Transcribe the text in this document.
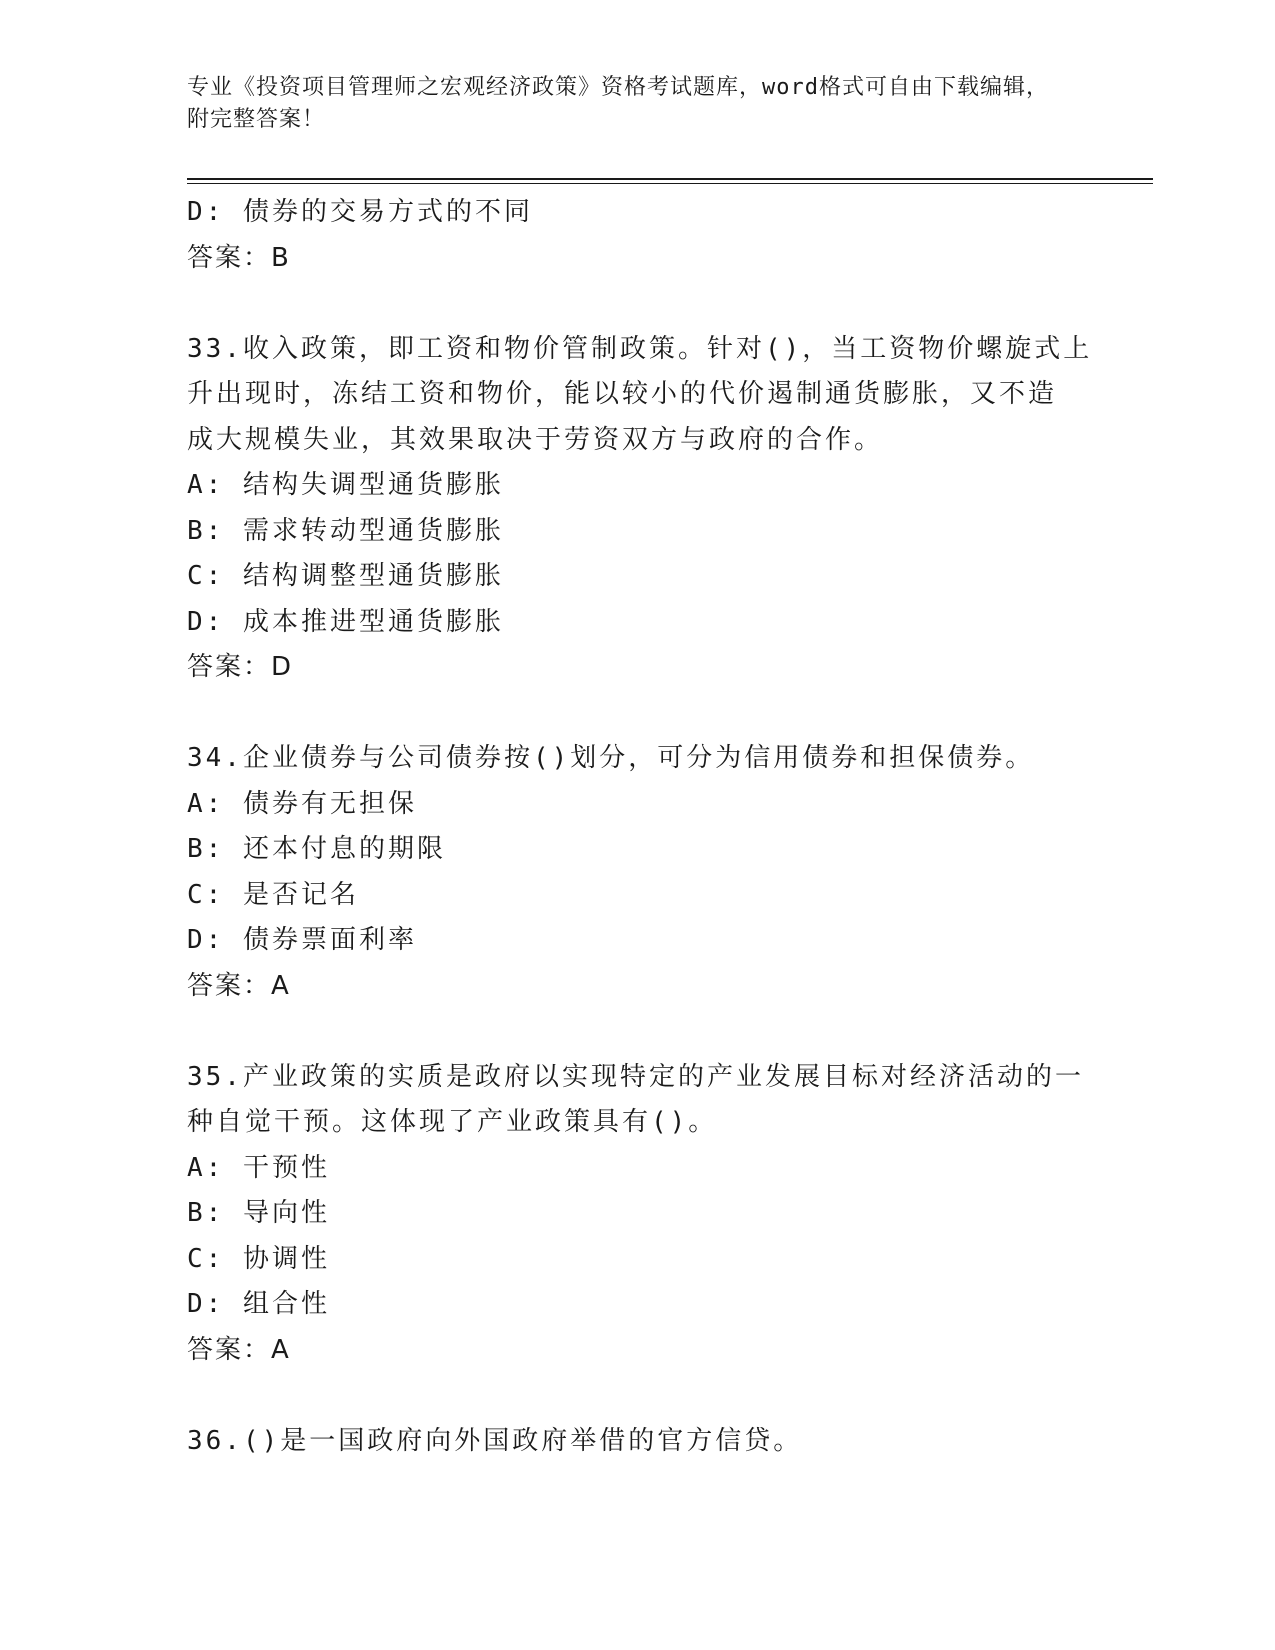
专业《投资项目管理师之宏观经济政策》资格考试题库，word格式可自由下载编辑，附完整答案！
D: 债券的交易方式的不同
答案：B
33.收入政策，即工资和物价管制政策。针对()，当工资物价螺旋式上
升出现时，冻结工资和物价，能以较小的代价遏制通货膨胀，又不造
成大规模失业，其效果取决于劳资双方与政府的合作。
A: 结构失调型通货膨胀
B: 需求转动型通货膨胀
C: 结构调整型通货膨胀
D: 成本推进型通货膨胀
答案：D
34.企业债券与公司债券按()划分，可分为信用债券和担保债券。
A: 债券有无担保
B: 还本付息的期限
C: 是否记名
D: 债券票面利率
答案：A
35.产业政策的实质是政府以实现特定的产业发展目标对经济活动的一
种自觉干预。这体现了产业政策具有()。
A: 干预性
B: 导向性
C: 协调性
D: 组合性
答案：A
36.()是一国政府向外国政府举借的官方信贷。
